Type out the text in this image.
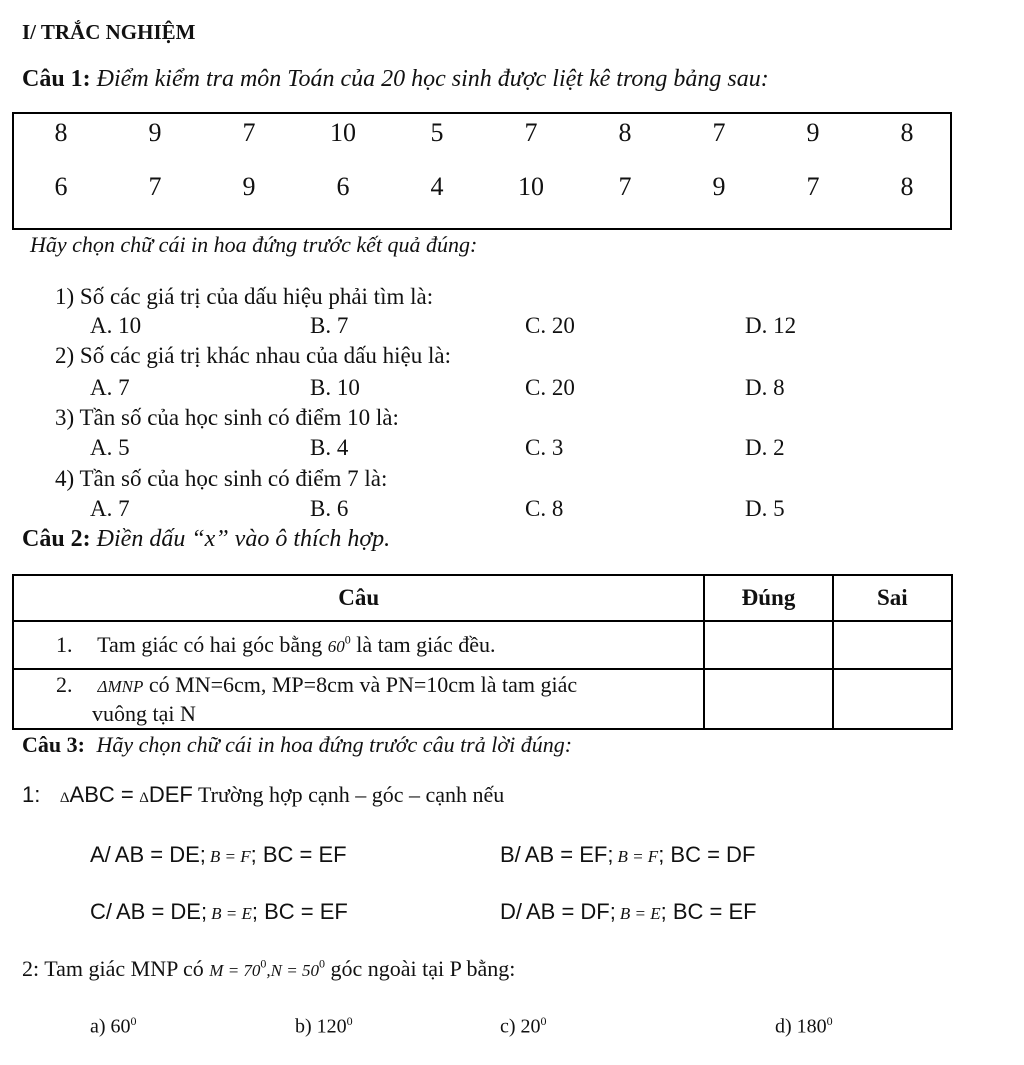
I/ TRẮC NGHIỆM
Câu 1: Điểm kiểm tra môn Toán của 20 học sinh được liệt kê trong bảng sau:
8	9	7	10	5	7	8	7	9	8
6	7	9	6	4	10	7	9	7	8
Hãy chọn chữ cái in hoa đứng trước kết quả đúng:
1) Số các giá trị của dấu hiệu phải tìm là:
A. 10	B. 7	C. 20	D. 12
2) Số các giá trị khác nhau của dấu hiệu là:
A. 7	B. 10	C. 20	D. 8
3) Tần số của học sinh có điểm 10 là:
A. 5	B. 4	C. 3	D. 2
4) Tần số của học sinh có điểm 7 là:
A. 7	B. 6	C. 8	D. 5
Câu 2: Điền dấu “x” vào ô thích hợp.
Câu	Đúng	Sai
1. Tam giác có hai góc bằng $60^0$ là tam giác đều.		

2. ΔMNP có MN=6cm, MP=8cm và PN=10cm là tam giác
vuông tại N		

Câu 3: Hãy chọn chữ cái in hoa đứng trước câu trả lời đúng:
1: ΔABC = ΔDEF Trường hợp cạnh – góc – cạnh nếu
A/ AB = DE; B = F; BC = EF	B/ AB = EF; B = F; BC = DF
C/ AB = DE; B = E; BC = EF	D/ AB = DF; B = E; BC = EF
2: Tam giác MNP có $M = 70^0,N = 50^0$ góc ngoài tại P bằng:
a) $60^0$	b) $120^0$	c) $20^0$	d) $180^0$
